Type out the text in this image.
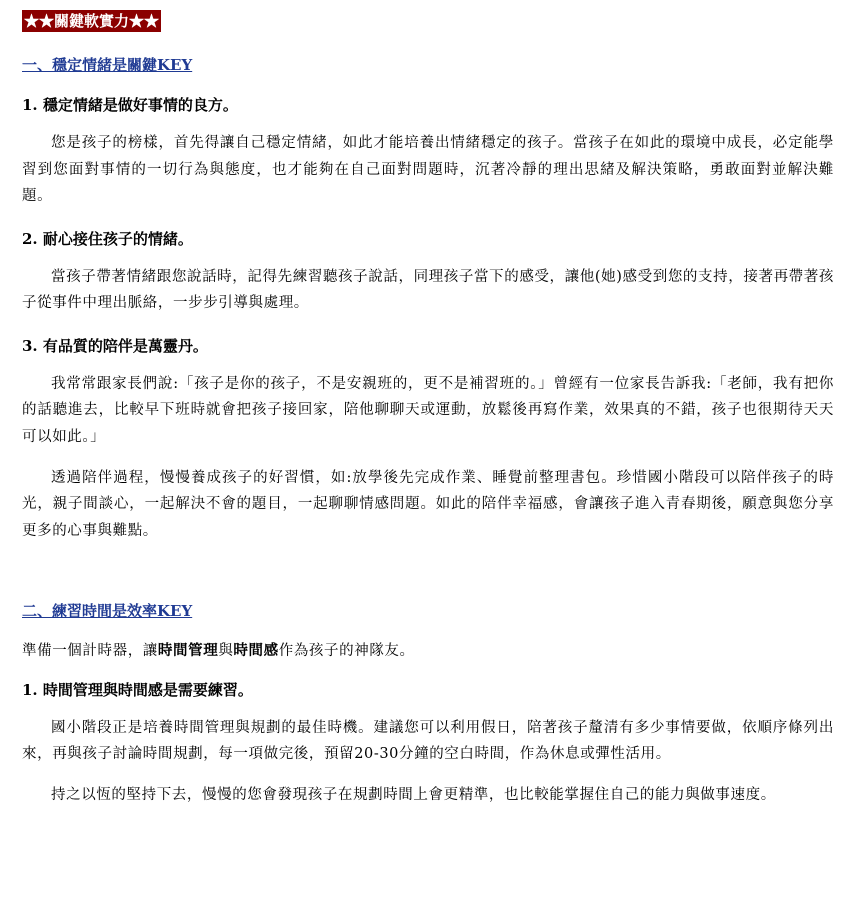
★★關鍵軟實力★★
一、穩定情緒是關鍵KEY
1. 穩定情緒是做好事情的良方。

您是孩子的榜樣，首先得讓自己穩定情緒，如此才能培養出情緒穩定的孩子。當孩子在如此的環境中成長，必定能學習到您面對事情的一切行為與態度，也才能夠在自己面對問題時，沉著冷靜的理出思緒及解決策略，勇敢面對並解決難題。

2. 耐心接住孩子的情緒。

當孩子帶著情緒跟您說話時，記得先練習聽孩子說話，同理孩子當下的感受，讓他(她)感受到您的支持，接著再帶著孩子從事件中理出脈絡，一步步引導與處理。

3. 有品質的陪伴是萬靈丹。

我常常跟家長們說:「孩子是你的孩子，不是安親班的，更不是補習班的。」曾經有一位家長告訴我:「老師，我有把你的話聽進去，比較早下班時就會把孩子接回家，陪他聊聊天或運動，放鬆後再寫作業，效果真的不錯，孩子也很期待天天可以如此。」

透過陪伴過程，慢慢養成孩子的好習慣，如:放學後先完成作業、睡覺前整理書包。珍惜國小階段可以陪伴孩子的時光，親子間談心，一起解決不會的題目，一起聊聊情感問題。如此的陪伴幸福感，會讓孩子進入青春期後，願意與您分享更多的心事與難點。

二、練習時間是效率KEY

準備一個計時器，讓時間管理與時間感作為孩子的神隊友。

1. 時間管理與時間感是需要練習。

國小階段正是培養時間管理與規劃的最佳時機。建議您可以利用假日，陪著孩子釐清有多少事情要做，依順序條列出來，再與孩子討論時間規劃，每一項做完後，預留20-30分鐘的空白時間，作為休息或彈性活用。

持之以恆的堅持下去，慢慢的您會發現孩子在規劃時間上會更精準，也比較能掌握住自己的能力與做事速度。
